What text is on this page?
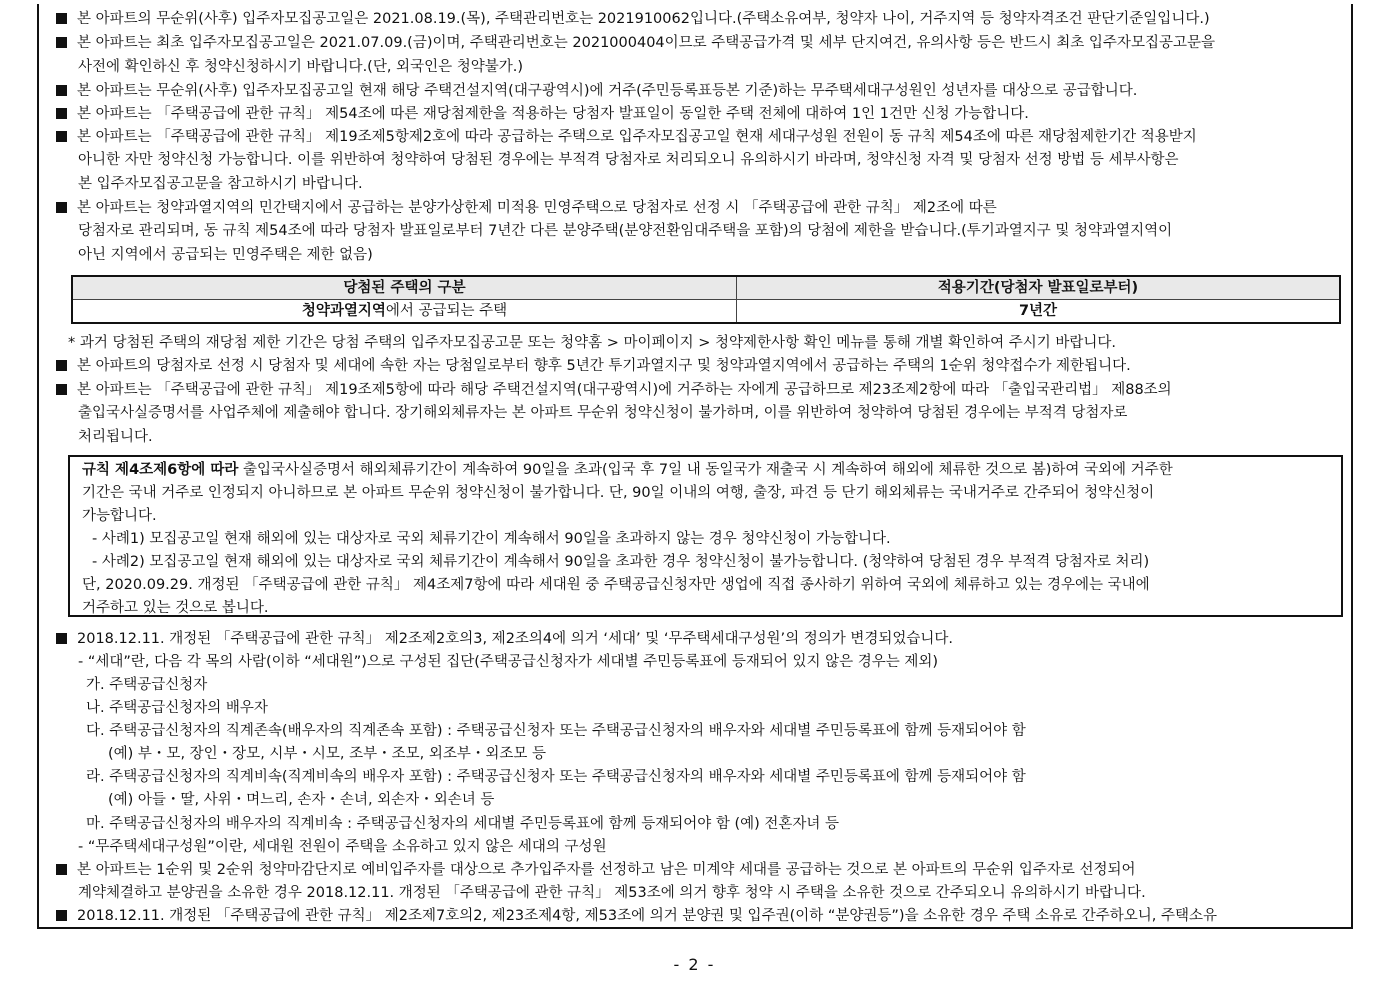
본 아파트의 무순위(사후) 입주자모집공고일은 2021.08.19.(목), 주택관리번호는 2021910062입니다.(주택소유여부, 청약자 나이, 거주지역 등 청약자격조건 판단기준일입니다.)
본 아파트는 최초 입주자모집공고일은 2021.07.09.(금)이며, 주택관리번호는 2021000404이므로 주택공급가격 및 세부 단지여건, 유의사항 등은 반드시 최초 입주자모집공고문을
사전에 확인하신 후 청약신청하시기 바랍니다.(단, 외국인은 청약불가.)
본 아파트는 무순위(사후) 입주자모집공고일 현재 해당 주택건설지역(대구광역시)에 거주(주민등록표등본 기준)하는 무주택세대구성원인 성년자를 대상으로 공급합니다.
본 아파트는 「주택공급에 관한 규칙」 제54조에 따른 재당첨제한을 적용하는 당첨자 발표일이 동일한 주택 전체에 대하여 1인 1건만 신청 가능합니다.
본 아파트는 「주택공급에 관한 규칙」 제19조제5항제2호에 따라 공급하는 주택으로 입주자모집공고일 현재 세대구성원 전원이 동 규칙 제54조에 따른 재당첨제한기간 적용받지
아니한 자만 청약신청 가능합니다. 이를 위반하여 청약하여 당첨된 경우에는 부적격 당첨자로 처리되오니 유의하시기 바라며, 청약신청 자격 및 당첨자 선정 방법 등 세부사항은
본 입주자모집공고문을 참고하시기 바랍니다.
본 아파트는 청약과열지역의 민간택지에서 공급하는 분양가상한제 미적용 민영주택으로 당첨자로 선정 시 「주택공급에 관한 규칙」 제2조에 따른
당첨자로 관리되며, 동 규칙 제54조에 따라 당첨자 발표일로부터 7년간 다른 분양주택(분양전환임대주택을 포함)의 당첨에 제한을 받습니다.(투기과열지구 및 청약과열지역이
아닌 지역에서 공급되는 민영주택은 제한 없음)
당첨된 주택의 구분	적용기간(당첨자 발표일로부터)
청약과열지역에서 공급되는 주택	7년간
* 과거 당첨된 주택의 재당첨 제한 기간은 당첨 주택의 입주자모집공고문 또는 청약홈 > 마이페이지 > 청약제한사항 확인 메뉴를 통해 개별 확인하여 주시기 바랍니다.
본 아파트의 당첨자로 선정 시 당첨자 및 세대에 속한 자는 당첨일로부터 향후 5년간 투기과열지구 및 청약과열지역에서 공급하는 주택의 1순위 청약접수가 제한됩니다.
본 아파트는 「주택공급에 관한 규칙」 제19조제5항에 따라 해당 주택건설지역(대구광역시)에 거주하는 자에게 공급하므로 제23조제2항에 따라 「출입국관리법」 제88조의
출입국사실증명서를 사업주체에 제출해야 합니다. 장기해외체류자는 본 아파트 무순위 청약신청이 불가하며, 이를 위반하여 청약하여 당첨된 경우에는 부적격 당첨자로
처리됩니다.
규칙 제4조제6항에 따라 출입국사실증명서 해외체류기간이 계속하여 90일을 초과(입국 후 7일 내 동일국가 재출국 시 계속하여 해외에 체류한 것으로 봄)하여 국외에 거주한
기간은 국내 거주로 인정되지 아니하므로 본 아파트 무순위 청약신청이 불가합니다. 단, 90일 이내의 여행, 출장, 파견 등 단기 해외체류는 국내거주로 간주되어 청약신청이
가능합니다.
- 사례1) 모집공고일 현재 해외에 있는 대상자로 국외 체류기간이 계속해서 90일을 초과하지 않는 경우 청약신청이 가능합니다.
- 사례2) 모집공고일 현재 해외에 있는 대상자로 국외 체류기간이 계속해서 90일을 초과한 경우 청약신청이 불가능합니다. (청약하여 당첨된 경우 부적격 당첨자로 처리)
단, 2020.09.29. 개정된 「주택공급에 관한 규칙」 제4조제7항에 따라 세대원 중 주택공급신청자만 생업에 직접 종사하기 위하여 국외에 체류하고 있는 경우에는 국내에
거주하고 있는 것으로 봅니다.
2018.12.11. 개정된 「주택공급에 관한 규칙」 제2조제2호의3, 제2조의4에 의거 ‘세대’ 및 ‘무주택세대구성원’의 정의가 변경되었습니다.
- “세대”란, 다음 각 목의 사람(이하 “세대원”)으로 구성된 집단(주택공급신청자가 세대별 주민등록표에 등재되어 있지 않은 경우는 제외)
가. 주택공급신청자
나. 주택공급신청자의 배우자
다. 주택공급신청자의 직계존속(배우자의 직계존속 포함) : 주택공급신청자 또는 주택공급신청자의 배우자와 세대별 주민등록표에 함께 등재되어야 함
(예) 부・모, 장인・장모, 시부・시모, 조부・조모, 외조부・외조모 등
라. 주택공급신청자의 직계비속(직계비속의 배우자 포함) : 주택공급신청자 또는 주택공급신청자의 배우자와 세대별 주민등록표에 함께 등재되어야 함
(예) 아들・딸, 사위・며느리, 손자・손녀, 외손자・외손녀 등
마. 주택공급신청자의 배우자의 직계비속 : 주택공급신청자의 세대별 주민등록표에 함께 등재되어야 함 (예) 전혼자녀 등
- “무주택세대구성원”이란, 세대원 전원이 주택을 소유하고 있지 않은 세대의 구성원
본 아파트는 1순위 및 2순위 청약마감단지로 예비입주자를 대상으로 추가입주자를 선정하고 남은 미계약 세대를 공급하는 것으로 본 아파트의 무순위 입주자로 선정되어
계약체결하고 분양권을 소유한 경우 2018.12.11. 개정된 「주택공급에 관한 규칙」 제53조에 의거 향후 청약 시 주택을 소유한 것으로 간주되오니 유의하시기 바랍니다.
2018.12.11. 개정된 「주택공급에 관한 규칙」 제2조제7호의2, 제23조제4항, 제53조에 의거 분양권 및 입주권(이하 “분양권등”)을 소유한 경우 주택 소유로 간주하오니, 주택소유
- 2 -
